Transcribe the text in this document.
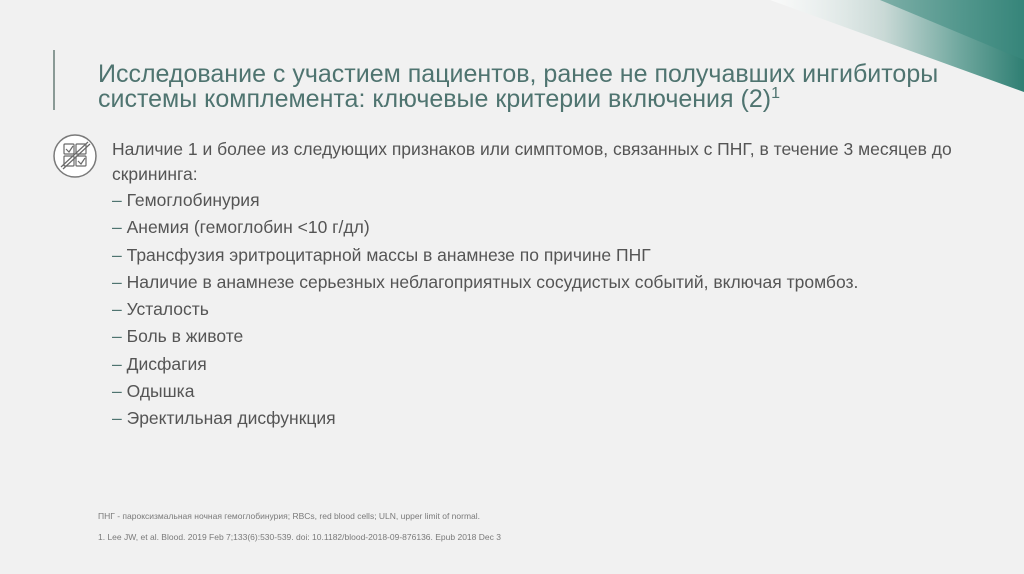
Исследование с участием пациентов, ранее не получавших ингибиторы системы комплемента: ключевые критерии включения $(2)^1$

Наличие 1 и более из следующих признаков или симптомов, связанных с ПНГ, в течение 3 месяцев до скрининга:

– Гемоглобинурия
– Анемия (гемоглобин <10 г/дл)
– Трансфузия эритроцитарной массы в анамнезе по причине ПНГ
– Наличие в анамнезе серьезных неблагоприятных сосудистых событий, включая тромбоз.
– Усталость
– Боль в животе
– Дисфагия
– Одышка
– Эректильная дисфункция

ПНГ - пароксизмальная ночная гемоглобинурия; RBCs, red blood cells; ULN, upper limit of normal.

1. Lee JW, et al. Blood. 2019 Feb 7;133(6):530-539. doi: 10.1182/blood-2018-09-876136. Epub 2018 Dec 3
